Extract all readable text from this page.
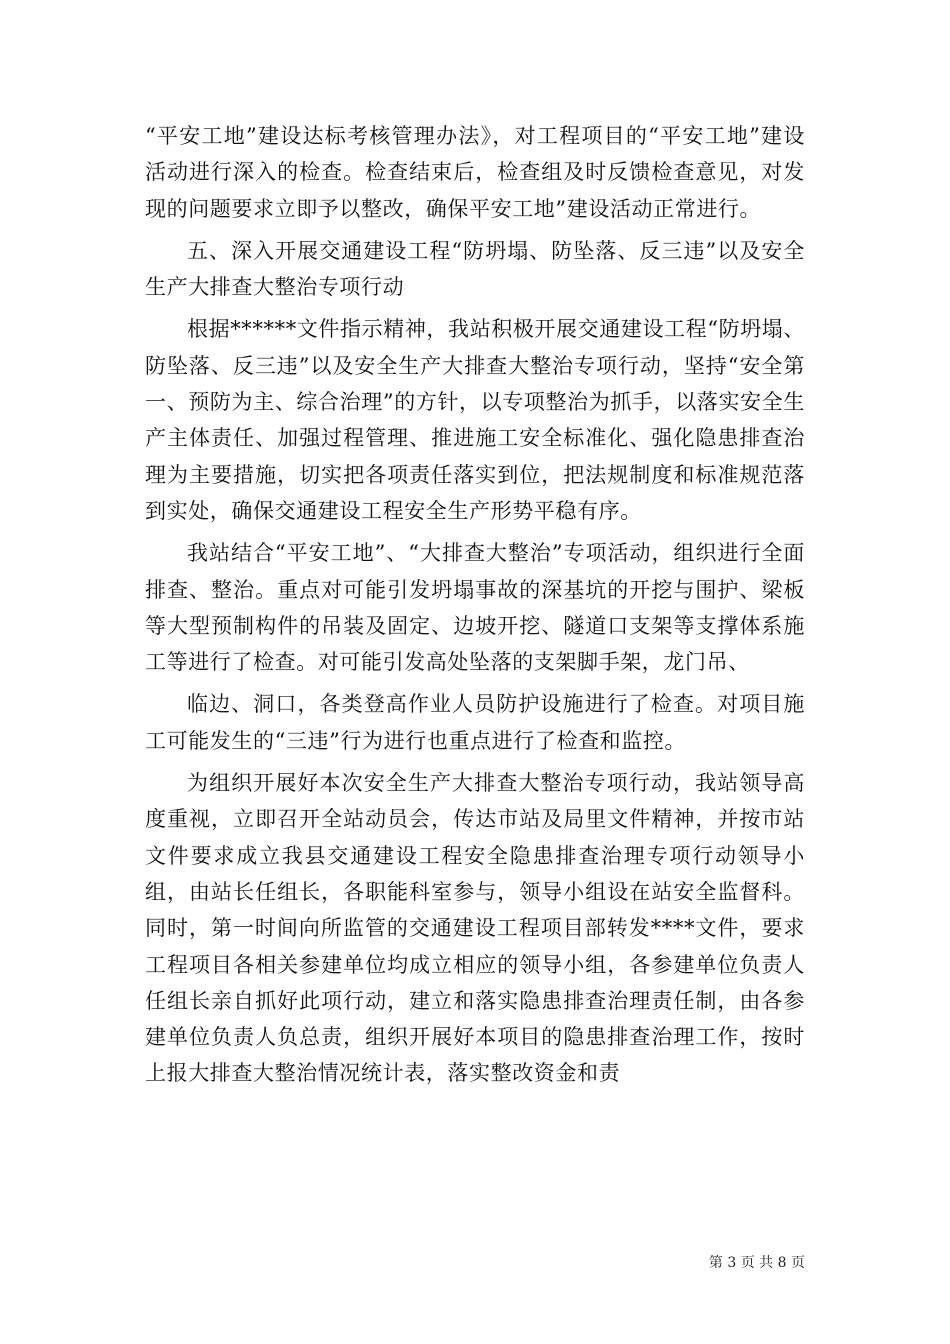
“平安工地”建设达标考核管理办法》，对工程项目的“平安工地”建设活动进行深入的检查。检查结束后，检查组及时反馈检查意见，对发现的问题要求立即予以整改，确保平安工地”建设活动正常进行。

五、深入开展交通建设工程“防坍塌、防坠落、反三违”以及安全生产大排查大整治专项行动

根据******文件指示精神，我站积极开展交通建设工程“防坍塌、防坠落、反三违”以及安全生产大排查大整治专项行动，坚持“安全第一、预防为主、综合治理”的方针，以专项整治为抓手，以落实安全生产主体责任、加强过程管理、推进施工安全标准化、强化隐患排查治理为主要措施，切实把各项责任落实到位，把法规制度和标准规范落到实处，确保交通建设工程安全生产形势平稳有序。

我站结合“平安工地”、“大排查大整治”专项活动，组织进行全面排查、整治。重点对可能引发坍塌事故的深基坑的开挖与围护、梁板等大型预制构件的吊装及固定、边坡开挖、隧道口支架等支撑体系施工等进行了检查。对可能引发高处坠落的支架脚手架，龙门吊、

临边、洞口，各类登高作业人员防护设施进行了检查。对项目施工可能发生的“三违”行为进行也重点进行了检查和监控。

为组织开展好本次安全生产大排查大整治专项行动，我站领导高度重视，立即召开全站动员会，传达市站及局里文件精神，并按市站文件要求成立我县交通建设工程安全隐患排查治理专项行动领导小组，由站长任组长，各职能科室参与，领导小组设在站安全监督科。同时，第一时间向所监管的交通建设工程项目部转发****文件，要求工程项目各相关参建单位均成立相应的领导小组，各参建单位负责人任组长亲自抓好此项行动，建立和落实隐患排查治理责任制，由各参建单位负责人负总责，组织开展好本项目的隐患排查治理工作，按时上报大排查大整治情况统计表，落实整改资金和责

第 3 页 共 8 页
